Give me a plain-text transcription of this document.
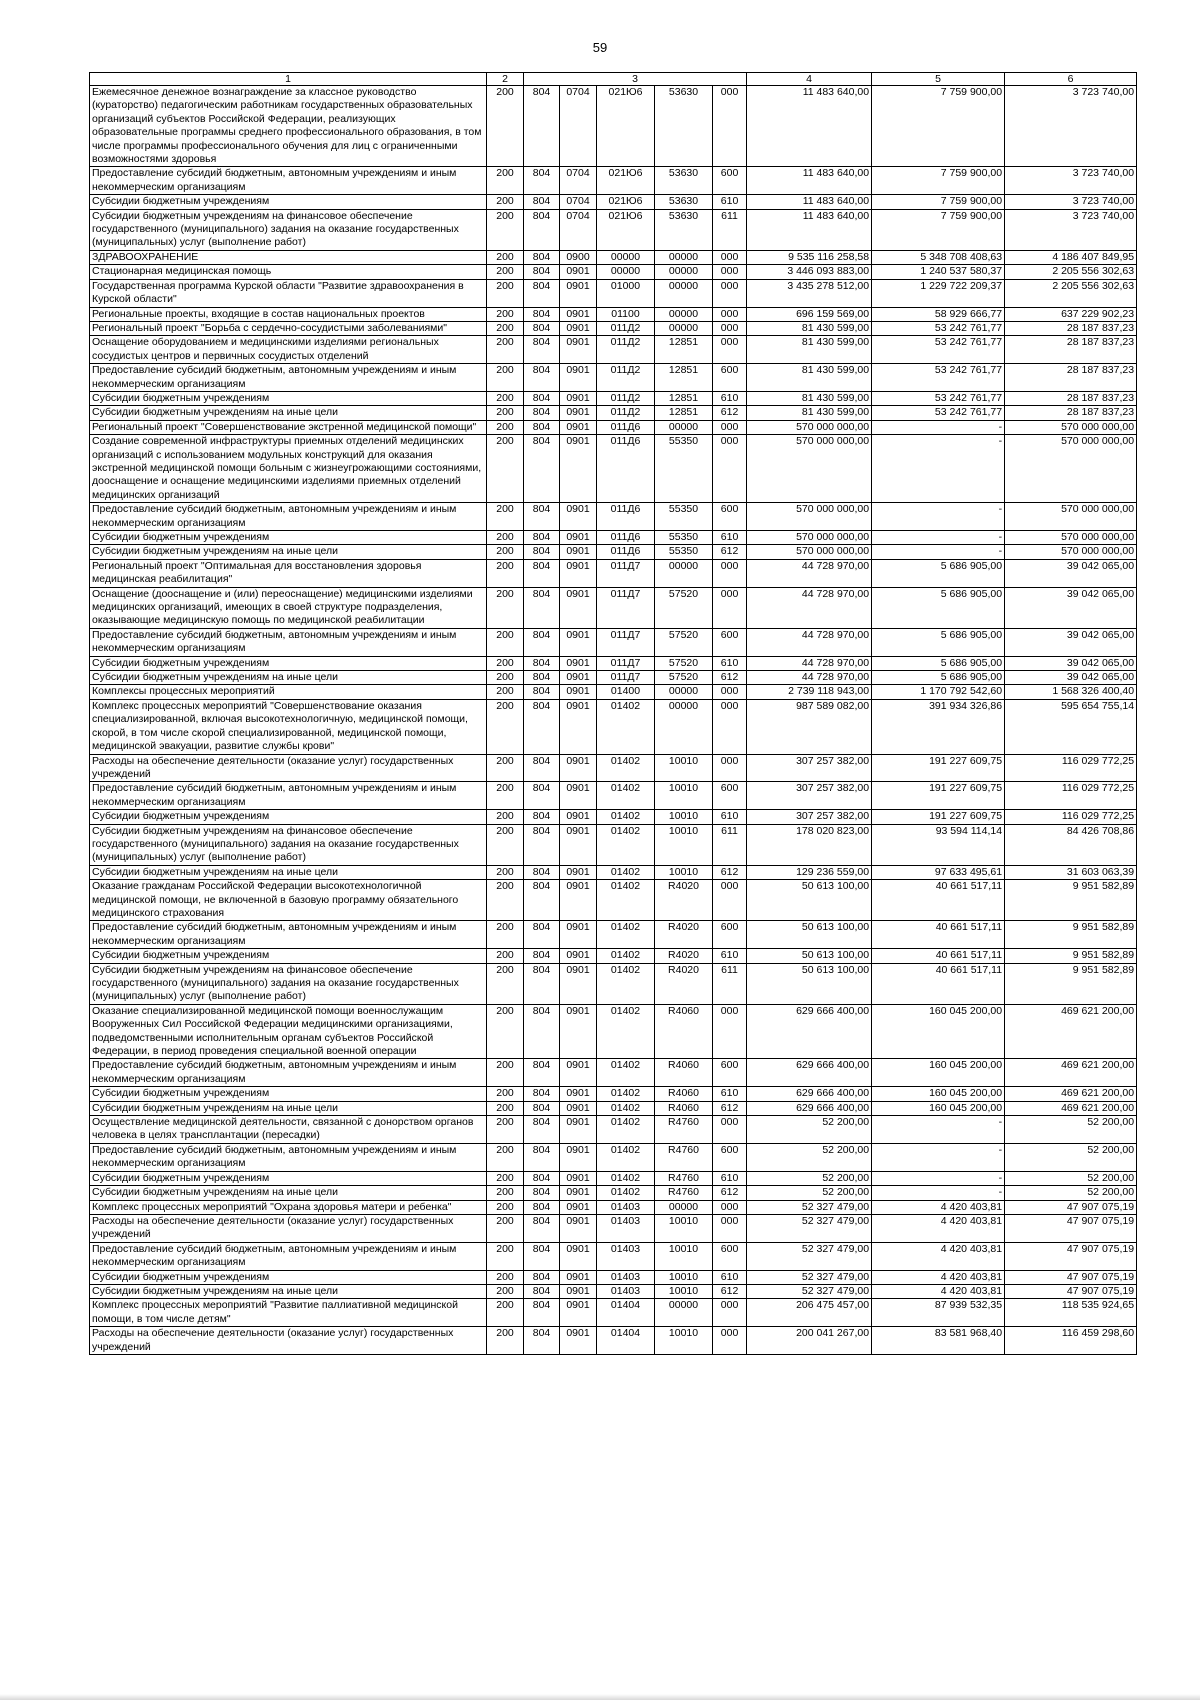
59
1	2	3					4	5	6
Ежемесячное денежное вознаграждение за классное руководство (кураторство) педагогическим работникам государственных образовательных организаций субъектов Российской Федерации, реализующих образовательные программы среднего профессионального образования, в том числе программы профессионального обучения для лиц с ограниченными возможностями здоровья	200	804	0704	021Ю6	53630	000	11 483 640,00	7 759 900,00	3 723 740,00
Предоставление субсидий бюджетным, автономным учреждениям и иным некоммерческим организациям	200	804	0704	021Ю6	53630	600	11 483 640,00	7 759 900,00	3 723 740,00
Субсидии бюджетным учреждениям	200	804	0704	021Ю6	53630	610	11 483 640,00	7 759 900,00	3 723 740,00
Субсидии бюджетным учреждениям на финансовое обеспечение государственного (муниципального) задания на оказание государственных (муниципальных) услуг (выполнение работ)	200	804	0704	021Ю6	53630	611	11 483 640,00	7 759 900,00	3 723 740,00
ЗДРАВООХРАНЕНИЕ	200	804	0900	00000	00000	000	9 535 116 258,58	5 348 708 408,63	4 186 407 849,95
Стационарная медицинская помощь	200	804	0901	00000	00000	000	3 446 093 883,00	1 240 537 580,37	2 205 556 302,63
Государственная программа Курской области "Развитие здравоохранения в Курской области"	200	804	0901	01000	00000	000	3 435 278 512,00	1 229 722 209,37	2 205 556 302,63
Региональные проекты, входящие в состав национальных проектов	200	804	0901	01100	00000	000	696 159 569,00	58 929 666,77	637 229 902,23
Региональный проект "Борьба с сердечно-сосудистыми заболеваниями"	200	804	0901	011Д2	00000	000	81 430 599,00	53 242 761,77	28 187 837,23
Оснащение оборудованием и медицинскими изделиями региональных сосудистых центров и первичных сосудистых отделений	200	804	0901	011Д2	12851	000	81 430 599,00	53 242 761,77	28 187 837,23
Предоставление субсидий бюджетным, автономным учреждениям и иным некоммерческим организациям	200	804	0901	011Д2	12851	600	81 430 599,00	53 242 761,77	28 187 837,23
Субсидии бюджетным учреждениям	200	804	0901	011Д2	12851	610	81 430 599,00	53 242 761,77	28 187 837,23
Субсидии бюджетным учреждениям на иные цели	200	804	0901	011Д2	12851	612	81 430 599,00	53 242 761,77	28 187 837,23
Региональный проект "Совершенствование экстренной медицинской помощи"	200	804	0901	011Д6	00000	000	570 000 000,00	-	570 000 000,00
Создание современной инфраструктуры приемных отделений медицинских организаций с использованием модульных конструкций для оказания экстренной медицинской помощи больным с жизнеугрожающими состояниями, дооснащение и оснащение медицинскими изделиями приемных отделений медицинских организаций	200	804	0901	011Д6	55350	000	570 000 000,00	-	570 000 000,00
Предоставление субсидий бюджетным, автономным учреждениям и иным некоммерческим организациям	200	804	0901	011Д6	55350	600	570 000 000,00	-	570 000 000,00
Субсидии бюджетным учреждениям	200	804	0901	011Д6	55350	610	570 000 000,00	-	570 000 000,00
Субсидии бюджетным учреждениям на иные цели	200	804	0901	011Д6	55350	612	570 000 000,00	-	570 000 000,00
Региональный проект "Оптимальная для восстановления здоровья медицинская реабилитация"	200	804	0901	011Д7	00000	000	44 728 970,00	5 686 905,00	39 042 065,00
Оснащение (дооснащение и (или) переоснащение) медицинскими изделиями медицинских организаций, имеющих в своей структуре подразделения, оказывающие медицинскую помощь по медицинской реабилитации	200	804	0901	011Д7	57520	000	44 728 970,00	5 686 905,00	39 042 065,00
Предоставление субсидий бюджетным, автономным учреждениям и иным некоммерческим организациям	200	804	0901	011Д7	57520	600	44 728 970,00	5 686 905,00	39 042 065,00
Субсидии бюджетным учреждениям	200	804	0901	011Д7	57520	610	44 728 970,00	5 686 905,00	39 042 065,00
Субсидии бюджетным учреждениям на иные цели	200	804	0901	011Д7	57520	612	44 728 970,00	5 686 905,00	39 042 065,00
Комплексы процессных мероприятий	200	804	0901	01400	00000	000	2 739 118 943,00	1 170 792 542,60	1 568 326 400,40
Комплекс процессных мероприятий "Совершенствование оказания специализированной, включая высокотехнологичную, медицинской помощи, скорой, в том числе скорой специализированной, медицинской помощи, медицинской эвакуации, развитие службы крови"	200	804	0901	01402	00000	000	987 589 082,00	391 934 326,86	595 654 755,14
Расходы на обеспечение деятельности (оказание услуг) государственных учреждений	200	804	0901	01402	10010	000	307 257 382,00	191 227 609,75	116 029 772,25
Предоставление субсидий бюджетным, автономным учреждениям и иным некоммерческим организациям	200	804	0901	01402	10010	600	307 257 382,00	191 227 609,75	116 029 772,25
Субсидии бюджетным учреждениям	200	804	0901	01402	10010	610	307 257 382,00	191 227 609,75	116 029 772,25
Субсидии бюджетным учреждениям на финансовое обеспечение государственного (муниципального) задания на оказание государственных (муниципальных) услуг (выполнение работ)	200	804	0901	01402	10010	611	178 020 823,00	93 594 114,14	84 426 708,86
Субсидии бюджетным учреждениям на иные цели	200	804	0901	01402	10010	612	129 236 559,00	97 633 495,61	31 603 063,39
Оказание гражданам Российской Федерации высокотехнологичной медицинской помощи, не включенной в базовую программу обязательного медицинского страхования	200	804	0901	01402	R4020	000	50 613 100,00	40 661 517,11	9 951 582,89
Предоставление субсидий бюджетным, автономным учреждениям и иным некоммерческим организациям	200	804	0901	01402	R4020	600	50 613 100,00	40 661 517,11	9 951 582,89
Субсидии бюджетным учреждениям	200	804	0901	01402	R4020	610	50 613 100,00	40 661 517,11	9 951 582,89
Субсидии бюджетным учреждениям на финансовое обеспечение государственного (муниципального) задания на оказание государственных (муниципальных) услуг (выполнение работ)	200	804	0901	01402	R4020	611	50 613 100,00	40 661 517,11	9 951 582,89
Оказание специализированной медицинской помощи военнослужащим Вооруженных Сил Российской Федерации медицинскими организациями, подведомственными исполнительным органам субъектов Российской Федерации, в период проведения специальной военной операции	200	804	0901	01402	R4060	000	629 666 400,00	160 045 200,00	469 621 200,00
Предоставление субсидий бюджетным, автономным учреждениям и иным некоммерческим организациям	200	804	0901	01402	R4060	600	629 666 400,00	160 045 200,00	469 621 200,00
Субсидии бюджетным учреждениям	200	804	0901	01402	R4060	610	629 666 400,00	160 045 200,00	469 621 200,00
Субсидии бюджетным учреждениям на иные цели	200	804	0901	01402	R4060	612	629 666 400,00	160 045 200,00	469 621 200,00
Осуществление медицинской деятельности, связанной с донорством органов человека в целях трансплантации (пересадки)	200	804	0901	01402	R4760	000	52 200,00	-	52 200,00
Предоставление субсидий бюджетным, автономным учреждениям и иным некоммерческим организациям	200	804	0901	01402	R4760	600	52 200,00	-	52 200,00
Субсидии бюджетным учреждениям	200	804	0901	01402	R4760	610	52 200,00	-	52 200,00
Субсидии бюджетным учреждениям на иные цели	200	804	0901	01402	R4760	612	52 200,00	-	52 200,00
Комплекс процессных мероприятий "Охрана здоровья матери и ребенка"	200	804	0901	01403	00000	000	52 327 479,00	4 420 403,81	47 907 075,19
Расходы на обеспечение деятельности (оказание услуг) государственных учреждений	200	804	0901	01403	10010	000	52 327 479,00	4 420 403,81	47 907 075,19
Предоставление субсидий бюджетным, автономным учреждениям и иным некоммерческим организациям	200	804	0901	01403	10010	600	52 327 479,00	4 420 403,81	47 907 075,19
Субсидии бюджетным учреждениям	200	804	0901	01403	10010	610	52 327 479,00	4 420 403,81	47 907 075,19
Субсидии бюджетным учреждениям на иные цели	200	804	0901	01403	10010	612	52 327 479,00	4 420 403,81	47 907 075,19
Комплекс процессных мероприятий "Развитие паллиативной медицинской помощи, в том числе детям"	200	804	0901	01404	00000	000	206 475 457,00	87 939 532,35	118 535 924,65
Расходы на обеспечение деятельности (оказание услуг) государственных учреждений	200	804	0901	01404	10010	000	200 041 267,00	83 581 968,40	116 459 298,60
